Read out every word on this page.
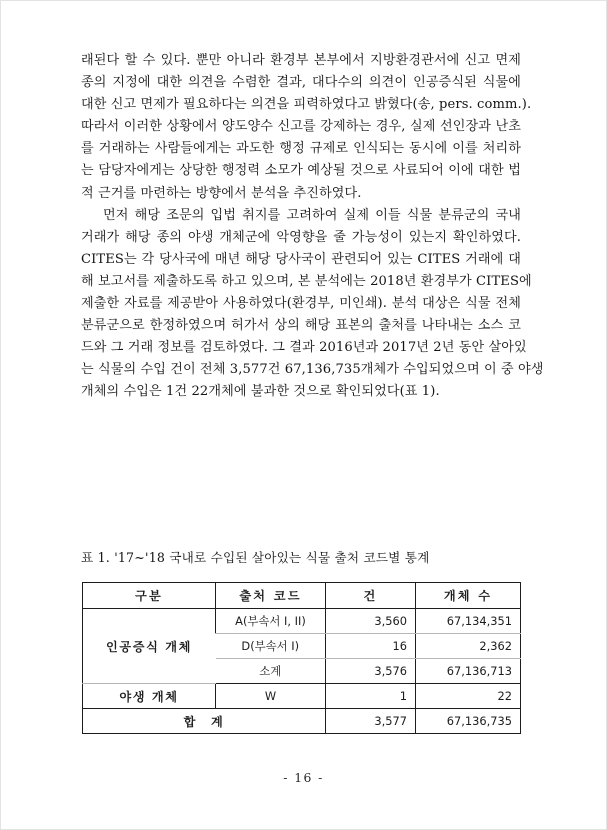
래된다 할 수 있다. 뿐만 아니라 환경부 본부에서 지방환경관서에 신고 면제
종의 지정에 대한 의견을 수렴한 결과, 대다수의 의견이 인공증식된 식물에
대한 신고 면제가 필요하다는 의견을 피력하였다고 밝혔다(송, pers. comm.).
따라서 이러한 상황에서 양도양수 신고를 강제하는 경우, 실제 선인장과 난초
를 거래하는 사람들에게는 과도한 행정 규제로 인식되는 동시에 이를 처리하
는 담당자에게는 상당한 행정력 소모가 예상될 것으로 사료되어 이에 대한 법
적 근거를 마련하는 방향에서 분석을 추진하였다.

먼저 해당 조문의 입법 취지를 고려하여 실제 이들 식물 분류군의 국내
거래가 해당 종의 야생 개체군에 악영향을 줄 가능성이 있는지 확인하였다.
CITES는 각 당사국에 매년 해당 당사국이 관련되어 있는 CITES 거래에 대
해 보고서를 제출하도록 하고 있으며, 본 분석에는 2018년 환경부가 CITES에
제출한 자료를 제공받아 사용하였다(환경부, 미인쇄). 분석 대상은 식물 전체
분류군으로 한정하였으며 허가서 상의 해당 표본의 출처를 나타내는 소스 코
드와 그 거래 정보를 검토하였다. 그 결과 2016년과 2017년 2년 동안 살아있
는 식물의 수입 건이 전체 3,577건 67,136,735개체가 수입되었으며 이 중 야생
개체의 수입은 1건 22개체에 불과한 것으로 확인되었다(표 1).

표 1. '17~'18 국내로 수입된 살아있는 식물 출처 코드별 통계
구분	출처 코드	건	개체 수
인공증식 개체	A(부속서 I, II)	3,560	67,134,351
	D(부속서 I)	16	2,362
	소계	3,576	67,136,713
야생 개체	W	1	22
합 계		3,577	67,136,735
- 16 -
